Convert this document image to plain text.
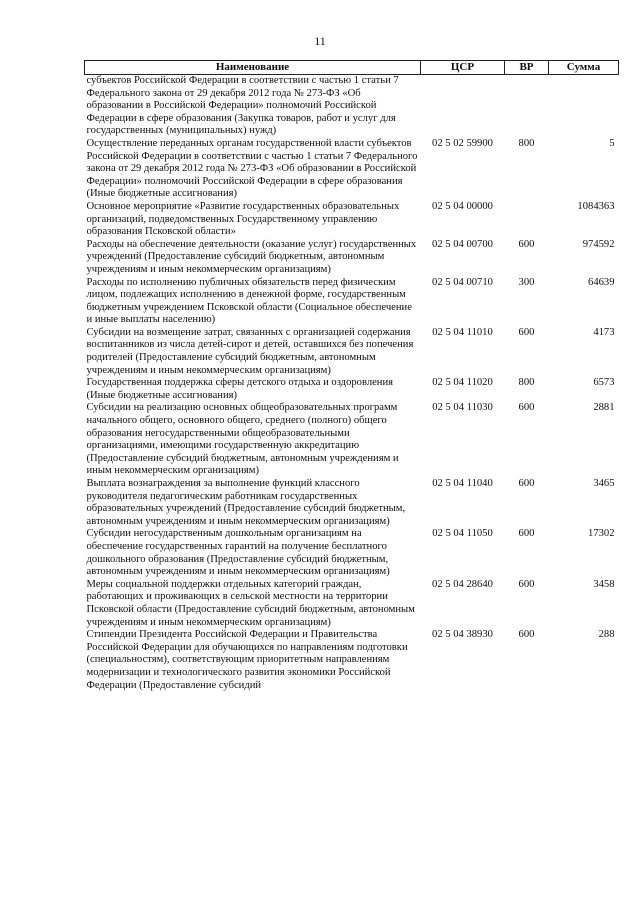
11
Наименование	ЦСР	ВР	Сумма
субъектов Российской Федерации в соответствии с частью 1 статьи 7 Федерального закона от 29 декабря 2012 года № 273-ФЗ «Об образовании в Российской Федерации» полномочий Российской Федерации в сфере образования (Закупка товаров, работ и услуг для государственных (муниципальных) нужд)			
Осуществление переданных органам государственной власти субъектов Российской Федерации в соответствии с частью 1 статьи 7 Федерального закона от 29 декабря 2012 года № 273-ФЗ «Об образовании в Российской Федерации» полномочий Российской Федерации в сфере образования (Иные бюджетные ассигнования)	02 5 02 59900	800	5
Основное мероприятие «Развитие государственных образовательных организаций, подведомственных Государственному управлению образования Псковской области»	02 5 04 00000		1084363
Расходы на обеспечение деятельности (оказание услуг) государственных учреждений (Предоставление субсидий бюджетным, автономным учреждениям и иным некоммерческим организациям)	02 5 04 00700	600	974592
Расходы по исполнению публичных обязательств перед физическим лицом, подлежащих исполнению в денежной форме, государственным бюджетным учреждением Псковской области (Социальное обеспечение и иные выплаты населению)	02 5 04 00710	300	64639
Субсидии на возмещение затрат, связанных с организацией содержания воспитанников из числа детей-сирот и детей, оставшихся без попечения родителей (Предоставление субсидий бюджетным, автономным учреждениям и иным некоммерческим организациям)	02 5 04 11010	600	4173
Государственная поддержка сферы детского отдыха и оздоровления (Иные бюджетные ассигнования)	02 5 04 11020	800	6573
Субсидии на реализацию основных общеобразовательных программ начального общего, основного общего, среднего (полного) общего образования негосударственными общеобразовательными организациями, имеющими государственную аккредитацию (Предоставление субсидий бюджетным, автономным учреждениям и иным некоммерческим организациям)	02 5 04 11030	600	2881
Выплата вознаграждения за выполнение функций классного руководителя педагогическим работникам государственных образовательных учреждений (Предоставление субсидий бюджетным, автономным учреждениям и иным некоммерческим организациям)	02 5 04 11040	600	3465
Субсидии негосударственным дошкольным организациям на обеспечение государственных гарантий на получение бесплатного дошкольного образования (Предоставление субсидий бюджетным, автономным учреждениям и иным некоммерческим организациям)	02 5 04 11050	600	17302
Меры социальной поддержки отдельных категорий граждан, работающих и проживающих в сельской местности на территории Псковской области (Предоставление субсидий бюджетным, автономным учреждениям и иным некоммерческим организациям)	02 5 04 28640	600	3458
Стипендии Президента Российской Федерации и Правительства Российской Федерации для обучающихся по направлениям подготовки (специальностям), соответствующим приоритетным направлениям модернизации и технологического развития экономики Российской Федерации (Предоставление субсидий	02 5 04 38930	600	288
